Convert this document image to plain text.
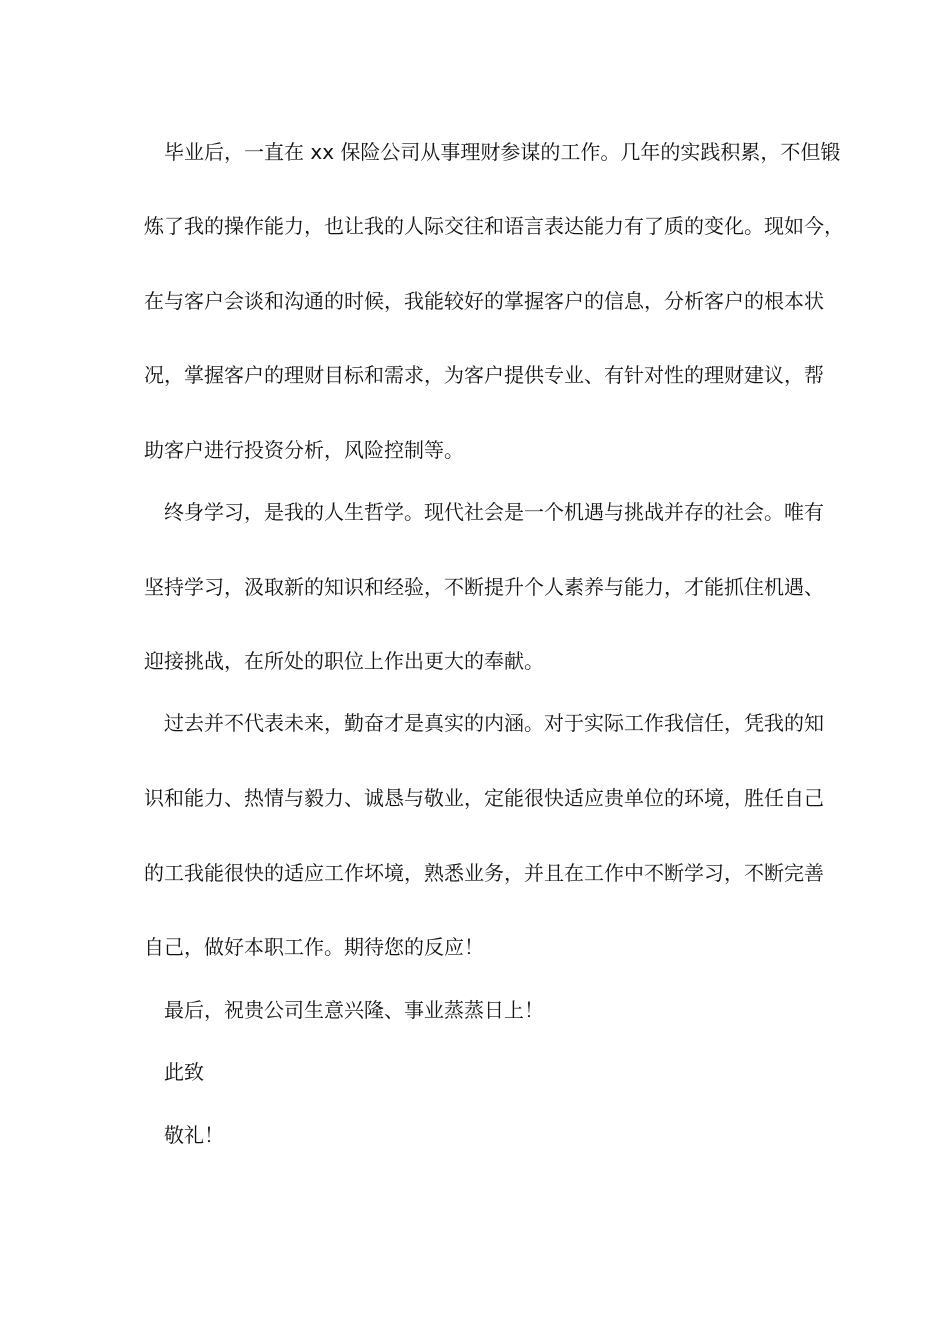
毕业后，一直在 xx 保险公司从事理财参谋的工作。几年的实践积累，不但锻
炼了我的操作能力，也让我的人际交往和语言表达能力有了质的变化。现如今，
在与客户会谈和沟通的时候，我能较好的掌握客户的信息，分析客户的根本状
况，掌握客户的理财目标和需求，为客户提供专业、有针对性的理财建议，帮
助客户进行投资分析，风险控制等。
终身学习，是我的人生哲学。现代社会是一个机遇与挑战并存的社会。唯有
坚持学习，汲取新的知识和经验，不断提升个人素养与能力，才能抓住机遇、
迎接挑战，在所处的职位上作出更大的奉献。
过去并不代表未来，勤奋才是真实的内涵。对于实际工作我信任，凭我的知
识和能力、热情与毅力、诚恳与敬业，定能很快适应贵单位的环境，胜任自己
的工我能很快的适应工作坏境，熟悉业务，并且在工作中不断学习，不断完善
自己，做好本职工作。期待您的反应！
最后，祝贵公司生意兴隆、事业蒸蒸日上！
此致
敬礼！
